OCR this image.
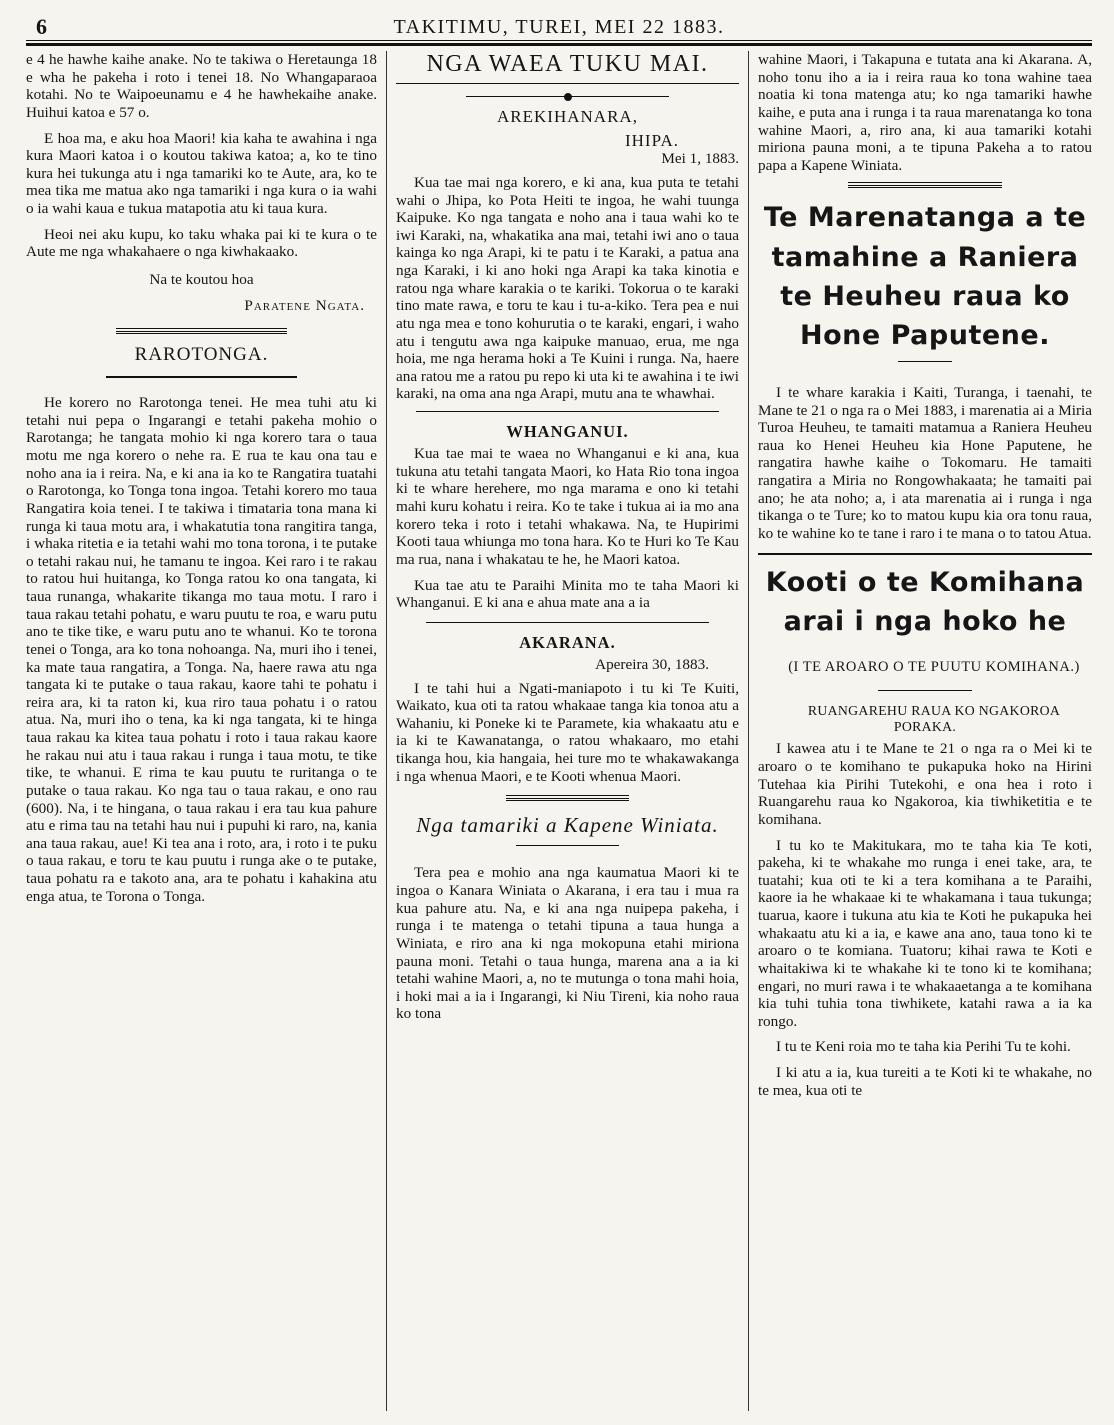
6	TAKITIMU, TUREI, MEI 22 1883.

e 4 he hawhe kaihe anake. No te takiwa o Heretaunga 18 e wha he pakeha i roto i tenei 18. No Whangaparaoa kotahi. No te Waipoeunamu e 4 he hawhekaihe anake. Huihui katoa e 57 o.

E hoa ma, e aku hoa Maori! kia kaha te awahina i nga kura Maori katoa i o koutou takiwa katoa; a, ko te tino kura hei tukunga atu i nga tamariki ko te Aute, ara, ko te mea tika me matua ako nga tamariki i nga kura o ia wahi o ia wahi kaua e tukua matapotia atu ki taua kura.

Heoi nei aku kupu, ko taku whaka pai ki te kura o te Aute me nga whakahaere o nga kiwhakaako.

Na te koutou hoa

Paratene Ngata.

RAROTONGA.

He korero no Rarotonga tenei. He mea tuhi atu ki tetahi nui pepa o Ingarangi e tetahi pakeha mohio o Rarotanga; he tangata mohio ki nga korero tara o taua motu me nga korero o nehe ra. E rua te kau ona tau e noho ana ia i reira. Na, e ki ana ia ko te Rangatira tuatahi o Rarotonga, ko Tonga tona ingoa. Tetahi korero mo taua Rangatira koia tenei. I te takiwa i timataria tona mana ki runga ki taua motu ara, i whakatutia tona rangitira tanga, i whaka ritetia e ia tetahi wahi mo tona torona, i te putake o tetahi rakau nui, he tamanu te ingoa. Kei raro i te rakau to ratou hui huitanga, ko Tonga ratou ko ona tangata, ki taua runanga, whakarite tikanga mo taua motu. I raro i taua rakau tetahi pohatu, e waru puutu te roa, e waru putu ano te tike tike, e waru putu ano te whanui. Ko te torona tenei o Tonga, ara ko tona nohoanga. Na, muri iho i tenei, ka mate taua rangatira, a Tonga. Na, haere rawa atu nga tangata ki te putake o taua rakau, kaore tahi te pohatu i reira ara, ki ta raton ki, kua riro taua pohatu i o ratou atua. Na, muri iho o tena, ka ki nga tangata, ki te hinga taua rakau ka kitea taua pohatu i roto i taua rakau kaore he rakau nui atu i taua rakau i runga i taua motu, te tike tike, te whanui. E rima te kau puutu te ruritanga o te putake o taua rakau. Ko nga tau o taua rakau, e ono rau (600). Na, i te hingana, o taua rakau i era tau kua pahure atu e rima tau na tetahi hau nui i pupuhi ki raro, na, kania ana taua rakau, aue! Ki tea ana i roto, ara, i roto i te puku o taua rakau, e toru te kau puutu i runga ake o te putake, taua pohatu ra e takoto ana, ara te pohatu i kahakina atu enga atua, te Torona o Tonga.

NGA WAEA TUKU MAI.

AREKIHANARA,

IHIPA.

Mei 1, 1883.

Kua tae mai nga korero, e ki ana, kua puta te tetahi wahi o Jhipa, ko Pota Heiti te ingoa, he wahi tuunga Kaipuke. Ko nga tangata e noho ana i taua wahi ko te iwi Karaki, na, whakatika ana mai, tetahi iwi ano o taua kainga ko nga Arapi, ki te patu i te Karaki, a patua ana nga Karaki, i ki ano hoki nga Arapi ka taka kinotia e ratou nga whare karakia o te kariki. Tokorua o te karaki tino mate rawa, e toru te kau i tu-a-kiko. Tera pea e nui atu nga mea e tono kohurutia o te karaki, engari, i waho atu i tengutu awa nga kaipuke manuao, erua, me nga hoia, me nga herama hoki a Te Kuini i runga. Na, haere ana ratou me a ratou pu repo ki uta ki te awahina i te iwi karaki, na oma ana nga Arapi, mutu ana te whawhai.

WHANGANUI.

Kua tae mai te waea no Whanganui e ki ana, kua tukuna atu tetahi tangata Maori, ko Hata Rio tona ingoa ki te whare herehere, mo nga marama e ono ki tetahi mahi kuru kohatu i reira. Ko te take i tukua ai ia mo ana korero teka i roto i tetahi whakawa. Na, te Hupirimi Kooti taua whiunga mo tona hara. Ko te Huri ko Te Kau ma rua, nana i whakatau te he, he Maori katoa.

Kua tae atu te Paraihi Minita mo te taha Maori ki Whanganui. E ki ana e ahua mate ana a ia

AKARANA.

Apereira 30, 1883.

I te tahi hui a Ngati-maniapoto i tu ki Te Kuiti, Waikato, kua oti ta ratou whakaae tanga kia tonoa atu a Wahaniu, ki Poneke ki te Paramete, kia whakaatu atu e ia ki te Kawanatanga, o ratou whakaaro, mo etahi tikanga hou, kia hangaia, hei ture mo te whakawakanga i nga whenua Maori, e te Kooti whenua Maori.

Nga tamariki a Kapene Winiata.

Tera pea e mohio ana nga kaumatua Maori ki te ingoa o Kanara Winiata o Akarana, i era tau i mua ra kua pahure atu. Na, e ki ana nga nuipepa pakeha, i runga i te matenga o tetahi tipuna a taua hunga a Winiata, e riro ana ki nga mokopuna etahi miriona pauna moni. Tetahi o taua hunga, marena ana a ia ki tetahi wahine Maori, a, no te mutunga o tona mahi hoia, i hoki mai a ia i Ingarangi, ki Niu Tireni, kia noho raua ko tona

wahine Maori, i Takapuna e tutata ana ki Akarana. A, noho tonu iho a ia i reira raua ko tona wahine taea noatia ki tona matenga atu; ko nga tamariki hawhe kaihe, e puta ana i runga i ta raua marenatanga ko tona wahine Maori, a, riro ana, ki aua tamariki kotahi miriona pauna moni, a te tipuna Pakeha a to ratou papa a Kapene Winiata.

Te Marenatanga a te tamahine a Raniera te Heuheu raua ko Hone Paputene.

I te whare karakia i Kaiti, Turanga, i taenahi, te Mane te 21 o nga ra o Mei 1883, i marenatia ai a Miria Turoa Heuheu, te tamaiti matamua a Raniera Heuheu raua ko Henei Heuheu kia Hone Paputene, he rangatira hawhe kaihe o Tokomaru. He tamaiti rangatira a Miria no Rongowhakaata; he tamaiti pai ano; he ata noho; a, i ata marenatia ai i runga i nga tikanga o te Ture; ko to matou kupu kia ora tonu raua, ko te wahine ko te tane i raro i te mana o to tatou Atua.

Kooti o te Komihana arai i nga hoko he

(I TE AROARO O TE PUUTU KOMIHANA.)

RUANGAREHU RAUA KO NGAKOROA PORAKA.

I kawea atu i te Mane te 21 o nga ra o Mei ki te aroaro o te komihano te pukapuka hoko na Hirini Tutehaa kia Pirihi Tutekohi, e ona hea i roto i Ruangarehu raua ko Ngakoroa, kia tiwhiketitia e te komihana.

I tu ko te Makitukara, mo te taha kia Te koti, pakeha, ki te whakahe mo runga i enei take, ara, te tuatahi; kua oti te ki a tera komihana a te Paraihi, kaore ia he whakaae ki te whakamana i taua tukunga; tuarua, kaore i tukuna atu kia te Koti he pukapuka hei whakaatu atu ki a ia, e kawe ana ano, taua tono ki te aroaro o te komiana. Tuatoru; kihai rawa te Koti e whaitakiwa ki te whakahe ki te tono ki te komihana; engari, no muri rawa i te whakaaetanga a te komihana kia tuhi tuhia tona tiwhikete, katahi rawa a ia ka rongo.

I tu te Keni roia mo te taha kia Perihi Tu te kohi.

I ki atu a ia, kua tureiti a te Koti ki te whakahe, no te mea, kua oti te
